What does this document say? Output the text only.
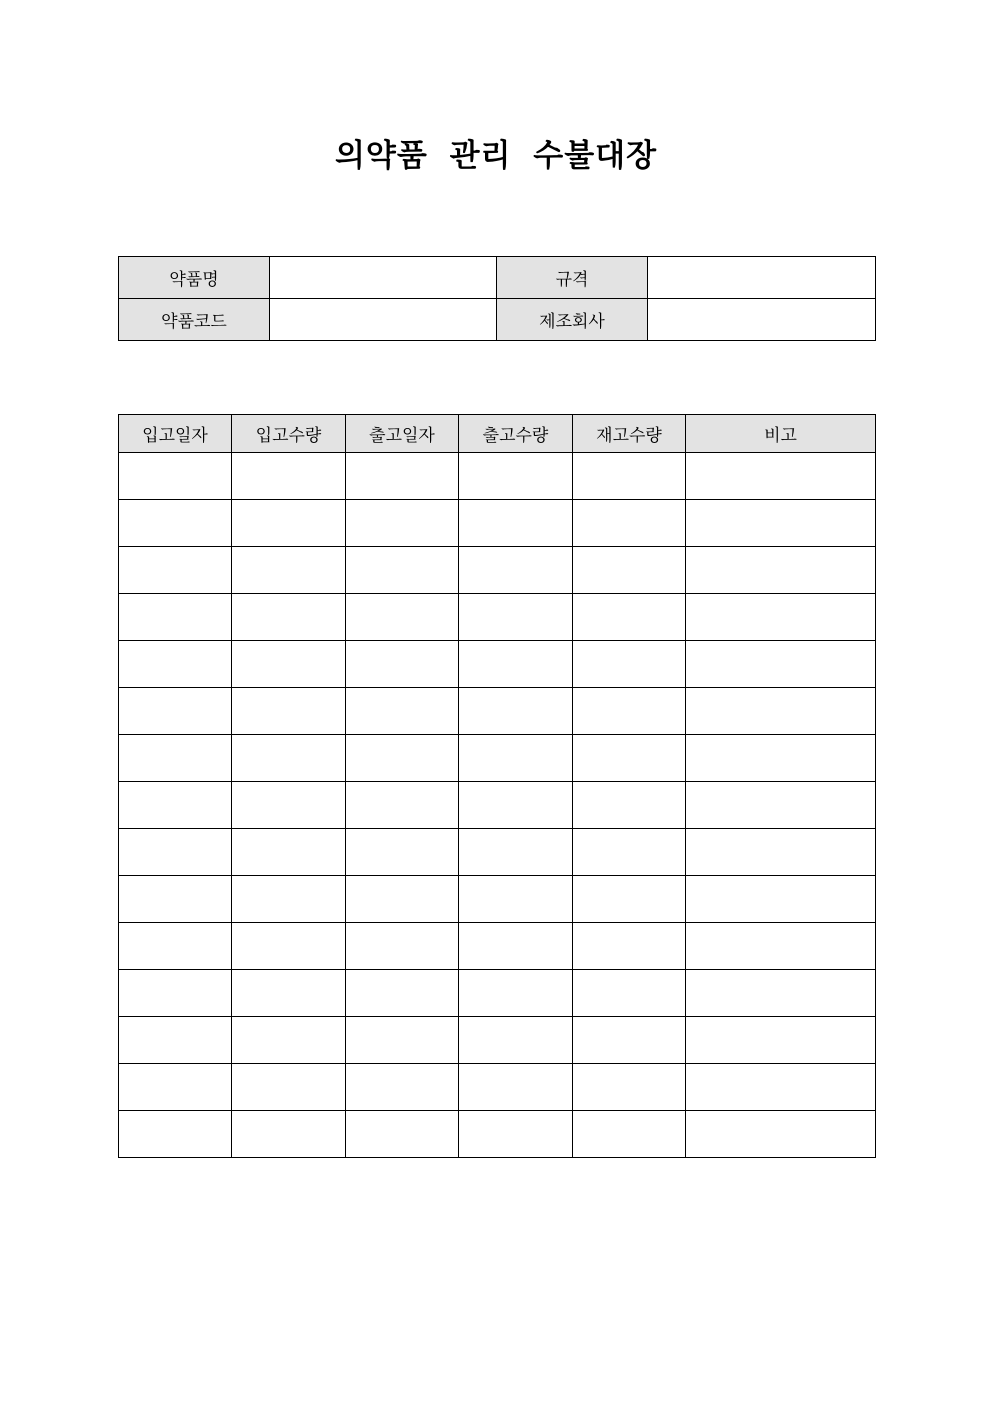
의약품 관리 수불대장
약품명		규격	
약품코드		제조회사	
입고일자	입고수량	출고일자	출고수량	재고수량	비고
